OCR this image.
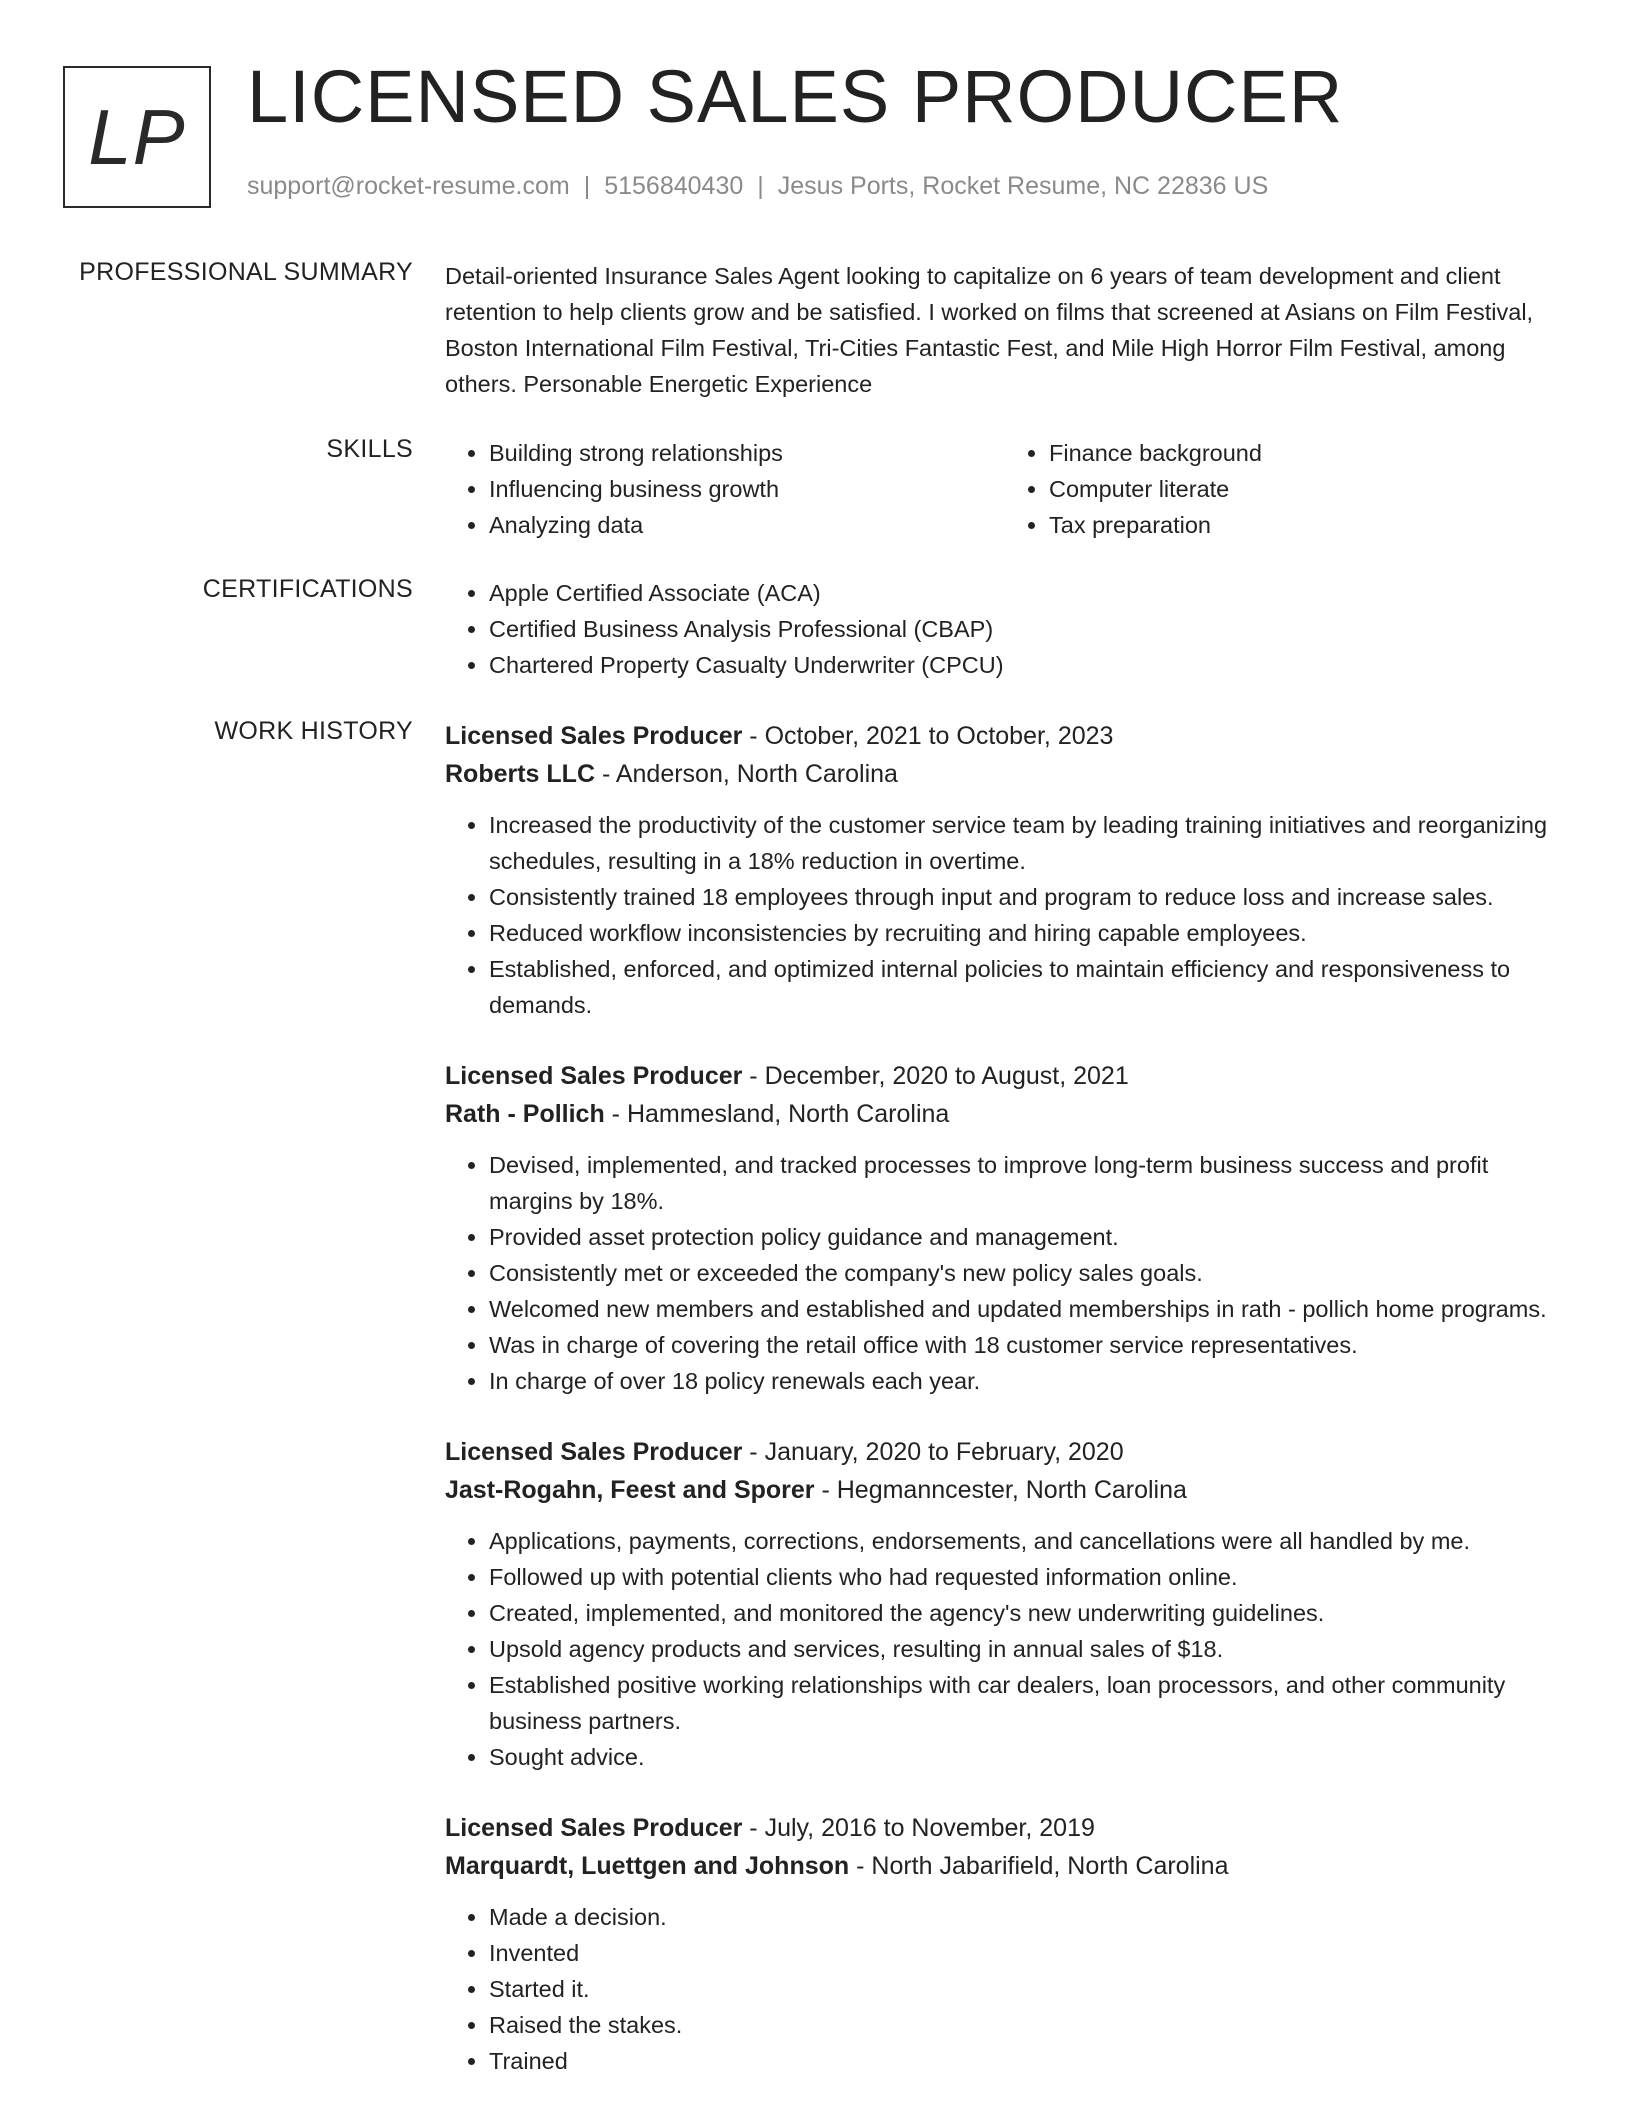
LP LICENSED SALES PRODUCER
support@rocket-resume.com | 5156840430 | Jesus Ports, Rocket Resume, NC 22836 US
PROFESSIONAL SUMMARY Detail-oriented Insurance Sales Agent looking to capitalize on 6 years of team development and client retention to help clients grow and be satisfied. I worked on films that screened at Asians on Film Festival, Boston International Film Festival, Tri-Cities Fantastic Fest, and Mile High Horror Film Festival, among others. Personable Energetic Experience

SKILLS	• Building strong relationships
• Influencing business growth
• Analyzing data
• Finance background
• Computer literate
• Tax preparation
CERTIFICATIONS	• Apple Certified Associate (ACA)
• Certified Business Analysis Professional (CBAP)
• Chartered Property Casualty Underwriter (CPCU)
WORK HISTORY Licensed Sales Producer - October, 2021 to October, 2023
Roberts LLC - Anderson, North Carolina
• Increased the productivity of the customer service team by leading training initiatives and reorganizing schedules, resulting in a 18% reduction in overtime.
• Consistently trained 18 employees through input and program to reduce loss and increase sales.
• Reduced workflow inconsistencies by recruiting and hiring capable employees.
• Established, enforced, and optimized internal policies to maintain efficiency and responsiveness to demands.
Licensed Sales Producer - December, 2020 to August, 2021
Rath - Pollich - Hammesland, North Carolina
• Devised, implemented, and tracked processes to improve long-term business success and profit margins by 18%.
• Provided asset protection policy guidance and management.
• Consistently met or exceeded the company's new policy sales goals.
• Welcomed new members and established and updated memberships in rath - pollich home programs.
• Was in charge of covering the retail office with 18 customer service representatives.
• In charge of over 18 policy renewals each year.
Licensed Sales Producer - January, 2020 to February, 2020
Jast-Rogahn, Feest and Sporer - Hegmanncester, North Carolina
• Applications, payments, corrections, endorsements, and cancellations were all handled by me.
• Followed up with potential clients who had requested information online.
• Created, implemented, and monitored the agency's new underwriting guidelines.
• Upsold agency products and services, resulting in annual sales of $18.
• Established positive working relationships with car dealers, loan processors, and other community business partners.
• Sought advice.
Licensed Sales Producer - July, 2016 to November, 2019
Marquardt, Luettgen and Johnson - North Jabarifield, North Carolina
• Made a decision.
• Invented
• Started it.
• Raised the stakes.
• Trained
